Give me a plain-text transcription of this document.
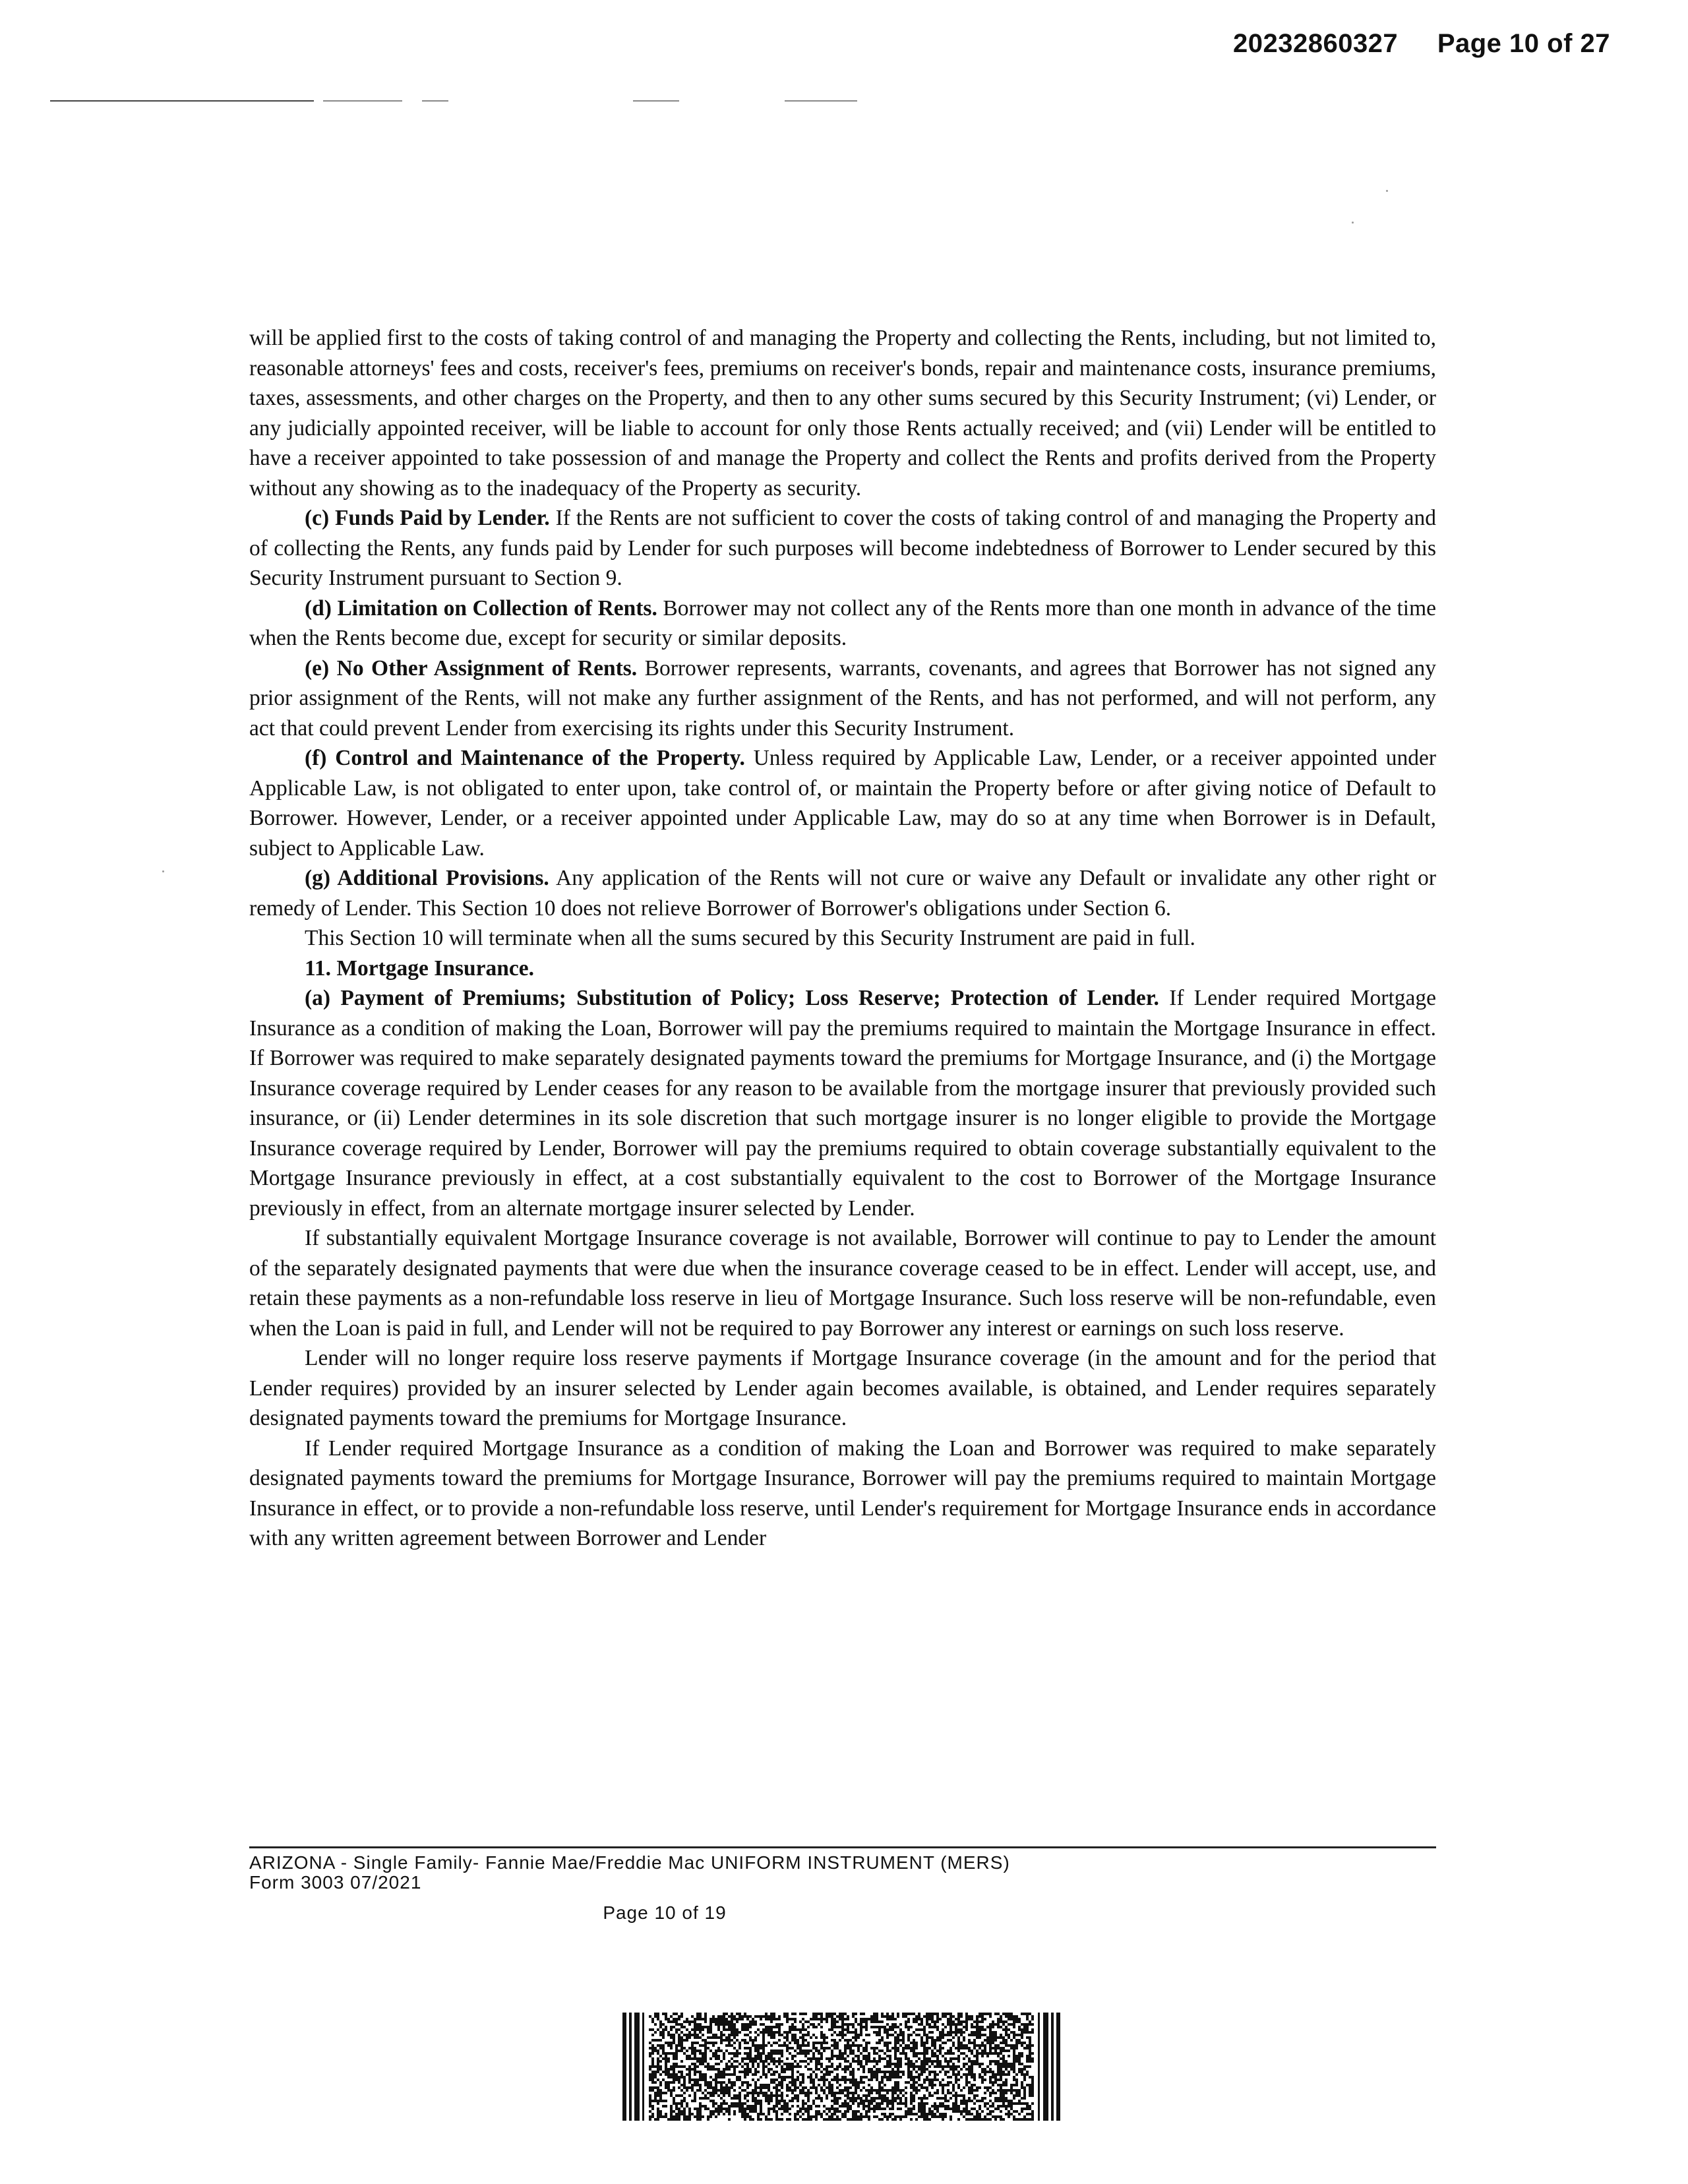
20232860327 Page 10 of 27

will be applied first to the costs of taking control of and managing the Property and collecting the Rents, including, but not limited to, reasonable attorneys' fees and costs, receiver's fees, premiums on receiver's bonds, repair and maintenance costs, insurance premiums, taxes, assessments, and other charges on the Property, and then to any other sums secured by this Security Instrument; (vi) Lender, or any judicially appointed receiver, will be liable to account for only those Rents actually received; and (vii) Lender will be entitled to have a receiver appointed to take possession of and manage the Property and collect the Rents and profits derived from the Property without any showing as to the inadequacy of the Property as security.

(c) Funds Paid by Lender. If the Rents are not sufficient to cover the costs of taking control of and managing the Property and of collecting the Rents, any funds paid by Lender for such purposes will become indebtedness of Borrower to Lender secured by this Security Instrument pursuant to Section 9.

(d) Limitation on Collection of Rents. Borrower may not collect any of the Rents more than one month in advance of the time when the Rents become due, except for security or similar deposits.

(e) No Other Assignment of Rents. Borrower represents, warrants, covenants, and agrees that Borrower has not signed any prior assignment of the Rents, will not make any further assignment of the Rents, and has not performed, and will not perform, any act that could prevent Lender from exercising its rights under this Security Instrument.

(f) Control and Maintenance of the Property. Unless required by Applicable Law, Lender, or a receiver appointed under Applicable Law, is not obligated to enter upon, take control of, or maintain the Property before or after giving notice of Default to Borrower. However, Lender, or a receiver appointed under Applicable Law, may do so at any time when Borrower is in Default, subject to Applicable Law.

(g) Additional Provisions. Any application of the Rents will not cure or waive any Default or invalidate any other right or remedy of Lender. This Section 10 does not relieve Borrower of Borrower's obligations under Section 6.

This Section 10 will terminate when all the sums secured by this Security Instrument are paid in full.

11. Mortgage Insurance.

(a) Payment of Premiums; Substitution of Policy; Loss Reserve; Protection of Lender. If Lender required Mortgage Insurance as a condition of making the Loan, Borrower will pay the premiums required to maintain the Mortgage Insurance in effect. If Borrower was required to make separately designated payments toward the premiums for Mortgage Insurance, and (i) the Mortgage Insurance coverage required by Lender ceases for any reason to be available from the mortgage insurer that previously provided such insurance, or (ii) Lender determines in its sole discretion that such mortgage insurer is no longer eligible to provide the Mortgage Insurance coverage required by Lender, Borrower will pay the premiums required to obtain coverage substantially equivalent to the Mortgage Insurance previously in effect, at a cost substantially equivalent to the cost to Borrower of the Mortgage Insurance previously in effect, from an alternate mortgage insurer selected by Lender.

If substantially equivalent Mortgage Insurance coverage is not available, Borrower will continue to pay to Lender the amount of the separately designated payments that were due when the insurance coverage ceased to be in effect. Lender will accept, use, and retain these payments as a non-refundable loss reserve in lieu of Mortgage Insurance. Such loss reserve will be non-refundable, even when the Loan is paid in full, and Lender will not be required to pay Borrower any interest or earnings on such loss reserve.

Lender will no longer require loss reserve payments if Mortgage Insurance coverage (in the amount and for the period that Lender requires) provided by an insurer selected by Lender again becomes available, is obtained, and Lender requires separately designated payments toward the premiums for Mortgage Insurance.

If Lender required Mortgage Insurance as a condition of making the Loan and Borrower was required to make separately designated payments toward the premiums for Mortgage Insurance, Borrower will pay the premiums required to maintain Mortgage Insurance in effect, or to provide a non-refundable loss reserve, until Lender's requirement for Mortgage Insurance ends in accordance with any written agreement between Borrower and Lender

ARIZONA - Single Family- Fannie Mae/Freddie Mac UNIFORM INSTRUMENT (MERS)
Form 3003 07/2021
Page 10 of 19
